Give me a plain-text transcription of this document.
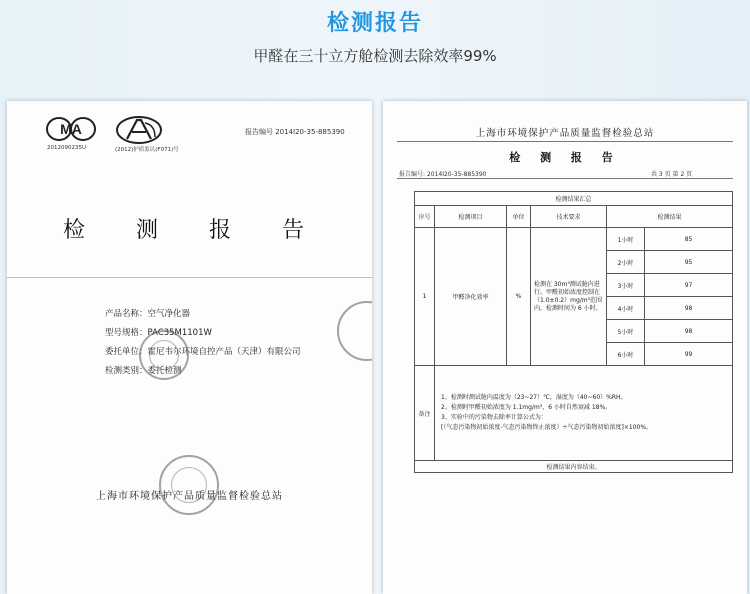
检测报告
甲醛在三十立方舱检测去除效率99%
MA
2012090235U	(2012)护质监认(F071)号
报告编号 2014I20-35-885390
检 测 报 告
产品名称：空气净化器
型号规格：PAC35M1101W
委托单位：霍尼韦尔环境自控产品（天津）有限公司
检测类别：委托检测
上海市环境保护产品质量监督检验总站
上海市环境保护产品质量监督检验总站
检 测 报 告
报告编号: 2014I20-35-885390	共 3 页 第 2 页
检测结果汇总					
序号	检测项目	单位	技术要求	检测结果	
1	甲醛净化效率	%	检测在 30m³测试舱内进行。甲醛初始浓度控制在（1.0±0.2）mg/m³范围内，检测时间为 6 小时。	1小时	85
				2小时	95
				3小时	97
				4小时	98
				5小时	98
				6小时	99
备注	1、检测时测试舱内温度为（23~27）℃，湿度为（40~60）%RH。
2、检测时甲醛初始浓度为 1.1mg/m³，6 小时自然衰减 18%。
3、实验中的污染物去除率计算公式为：
[（气态污染物初始浓度-气态污染物终止浓度）÷气态污染物初始浓度]×100%。				

检测结果内容结束。					
